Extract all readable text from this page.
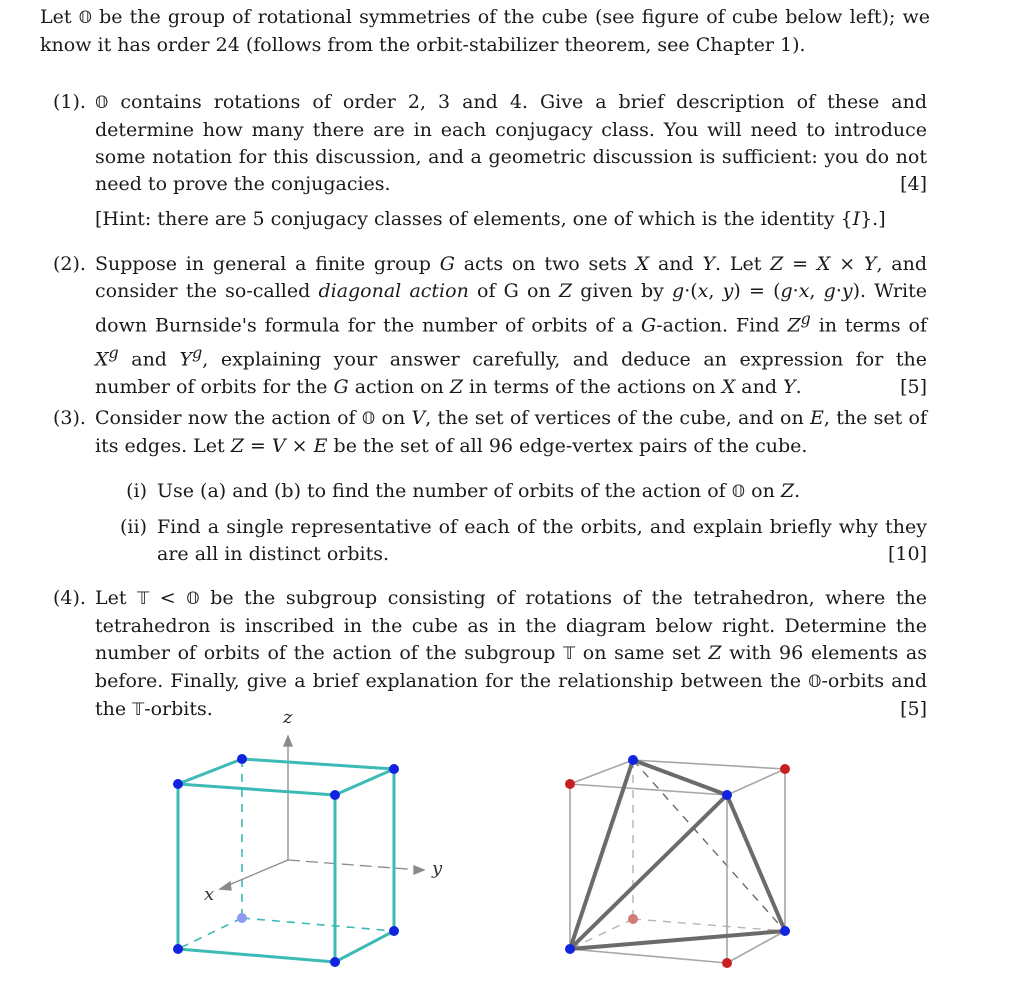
Let 𝕆 be the group of rotational symmetries of the cube (see figure of cube below left); we know it has order 24 (follows from the orbit-stabilizer theorem, see Chapter 1).
(1). 𝕆 contains rotations of order 2, 3 and 4. Give a brief description of these and determine how many there are in each conjugacy class. You will need to introduce some notation for this discussion, and a geometric discussion is sufficient: you do not need to prove the conjugacies.	[4]
[Hint: there are 5 conjugacy classes of elements, one of which is the identity {I}.]
(2). Suppose in general a finite group G acts on two sets X and Y. Let Z = X × Y, and consider the so-called diagonal action of G on Z given by g·(x, y) = (g·x, g·y). Write down Burnside's formula for the number of orbits of a G-action. Find $Z^g$ in terms of $X^g$ and $Y^g$, explaining your answer carefully, and deduce an expression for the number of orbits for the G action on Z in terms of the actions on X and Y.	[5]
(3). Consider now the action of 𝕆 on V, the set of vertices of the cube, and on E, the set of its edges. Let Z = V × E be the set of all 96 edge-vertex pairs of the cube.
(i) Use (a) and (b) to find the number of orbits of the action of 𝕆 on Z.
(ii) Find a single representative of each of the orbits, and explain briefly why they are all in distinct orbits.	[10]
(4). Let 𝕋 < 𝕆 be the subgroup consisting of rotations of the tetrahedron, where the tetrahedron is inscribed in the cube as in the diagram below right. Determine the number of orbits of the action of the subgroup 𝕋 on same set Z with 96 elements as before. Finally, give a brief explanation for the relationship between the 𝕆-orbits and the 𝕋-orbits.	[5]
z
y
x
